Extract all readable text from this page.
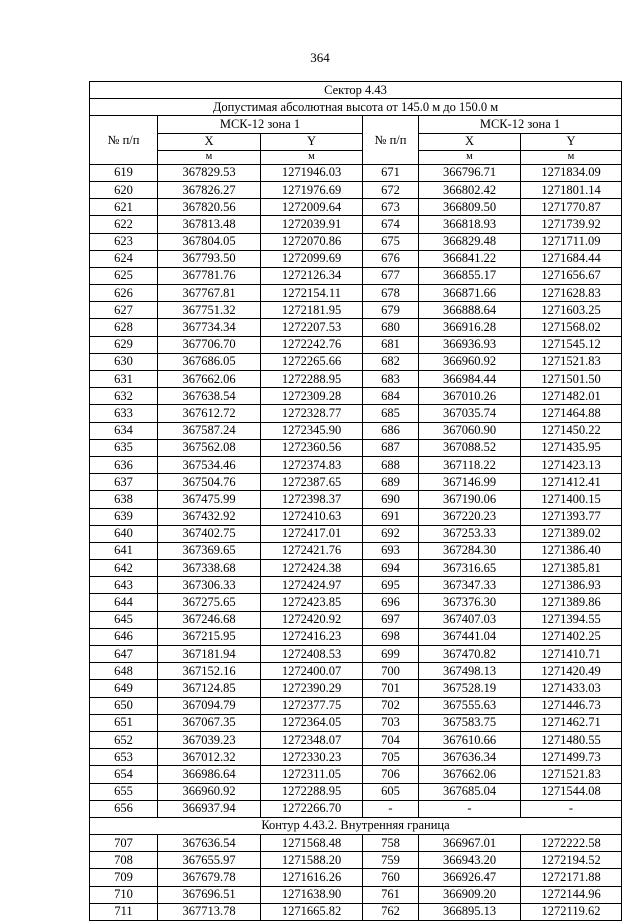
364
Сектор 4.43					
Допустимая абсолютная высота от 145.0 м до 150.0 м					
№ п/п	МСК-12 зона 1		№ п/п	МСК-12 зона 1	
	X	Y		X	Y
	м	м		м	м
619	367829.53	1271946.03	671	366796.71	1271834.09
620	367826.27	1271976.69	672	366802.42	1271801.14
621	367820.56	1272009.64	673	366809.50	1271770.87
622	367813.48	1272039.91	674	366818.93	1271739.92
623	367804.05	1272070.86	675	366829.48	1271711.09
624	367793.50	1272099.69	676	366841.22	1271684.44
625	367781.76	1272126.34	677	366855.17	1271656.67
626	367767.81	1272154.11	678	366871.66	1271628.83
627	367751.32	1272181.95	679	366888.64	1271603.25
628	367734.34	1272207.53	680	366916.28	1271568.02
629	367706.70	1272242.76	681	366936.93	1271545.12
630	367686.05	1272265.66	682	366960.92	1271521.83
631	367662.06	1272288.95	683	366984.44	1271501.50
632	367638.54	1272309.28	684	367010.26	1271482.01
633	367612.72	1272328.77	685	367035.74	1271464.88
634	367587.24	1272345.90	686	367060.90	1271450.22
635	367562.08	1272360.56	687	367088.52	1271435.95
636	367534.46	1272374.83	688	367118.22	1271423.13
637	367504.76	1272387.65	689	367146.99	1271412.41
638	367475.99	1272398.37	690	367190.06	1271400.15
639	367432.92	1272410.63	691	367220.23	1271393.77
640	367402.75	1272417.01	692	367253.33	1271389.02
641	367369.65	1272421.76	693	367284.30	1271386.40
642	367338.68	1272424.38	694	367316.65	1271385.81
643	367306.33	1272424.97	695	367347.33	1271386.93
644	367275.65	1272423.85	696	367376.30	1271389.86
645	367246.68	1272420.92	697	367407.03	1271394.55
646	367215.95	1272416.23	698	367441.04	1271402.25
647	367181.94	1272408.53	699	367470.82	1271410.71
648	367152.16	1272400.07	700	367498.13	1271420.49
649	367124.85	1272390.29	701	367528.19	1271433.03
650	367094.79	1272377.75	702	367555.63	1271446.73
651	367067.35	1272364.05	703	367583.75	1271462.71
652	367039.23	1272348.07	704	367610.66	1271480.55
653	367012.32	1272330.23	705	367636.34	1271499.73
654	366986.64	1272311.05	706	367662.06	1271521.83
655	366960.92	1272288.95	605	367685.04	1271544.08
656	366937.94	1272266.70	-	-	-
Контур 4.43.2. Внутренняя граница					
707	367636.54	1271568.48	758	366967.01	1272222.58
708	367655.97	1271588.20	759	366943.20	1272194.52
709	367679.78	1271616.26	760	366926.47	1272171.88
710	367696.51	1271638.90	761	366909.20	1272144.96
711	367713.78	1271665.82	762	366895.13	1272119.62
